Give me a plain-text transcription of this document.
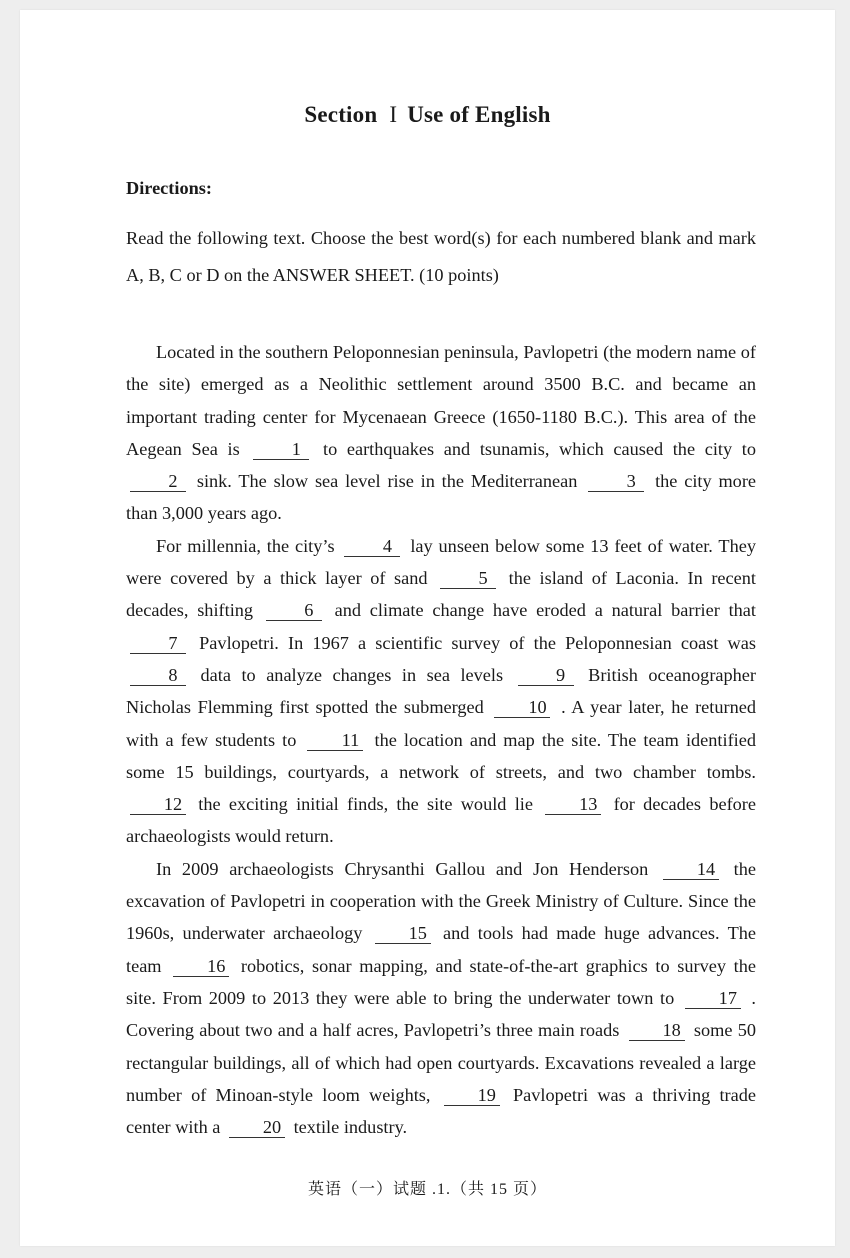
Section I Use of English
Directions:
Read the following text. Choose the best word(s) for each numbered blank and mark A, B, C or D on the ANSWER SHEET. (10 points)

Located in the southern Peloponnesian peninsula, Pavlopetri (the modern name of the site) emerged as a Neolithic settlement around 3500 B.C. and became an important trading center for Mycenaean Greece (1650-1180 B.C.). This area of the Aegean Sea is	1 to earthquakes and tsunamis, which caused the city to 2 sink. The slow sea level rise in the Mediterranean	3 the city more than 3,000 years ago.

For millennia, the city’s	4 lay unseen below some 13 feet of water. They were covered by a thick layer of sand	5 the island of Laconia. In recent decades, shifting	6 and climate change have eroded a natural barrier that 7 Pavlopetri. In 1967 a scientific survey of the Peloponnesian coast was 8 data to analyze changes in sea levels	9 British oceanographer Nicholas Flemming first spotted the submerged 10 . A year later, he returned with a few students to 11 the location and map the site. The team identified some 15 buildings, courtyards, a network of streets, and two chamber tombs. 12 the exciting initial finds, the site would lie	13 for decades before archaeologists would return.

In 2009 archaeologists Chrysanthi Gallou and Jon Henderson	14 the excavation of Pavlopetri in cooperation with the Greek Ministry of Culture. Since the 1960s, underwater archaeology	15 and tools had made huge advances. The team 16 robotics, sonar mapping, and state-of-the-art graphics to survey the site. From 2009 to 2013 they were able to bring the underwater town to 17 . Covering about two and a half acres, Pavlopetri’s three main roads 18 some 50 rectangular buildings, all of which had open courtyards. Excavations revealed a large number of Minoan-style loom weights,	19 Pavlopetri was a thriving trade center with a 20 textile industry.

英语（一）试题 .1.（共 15 页）
